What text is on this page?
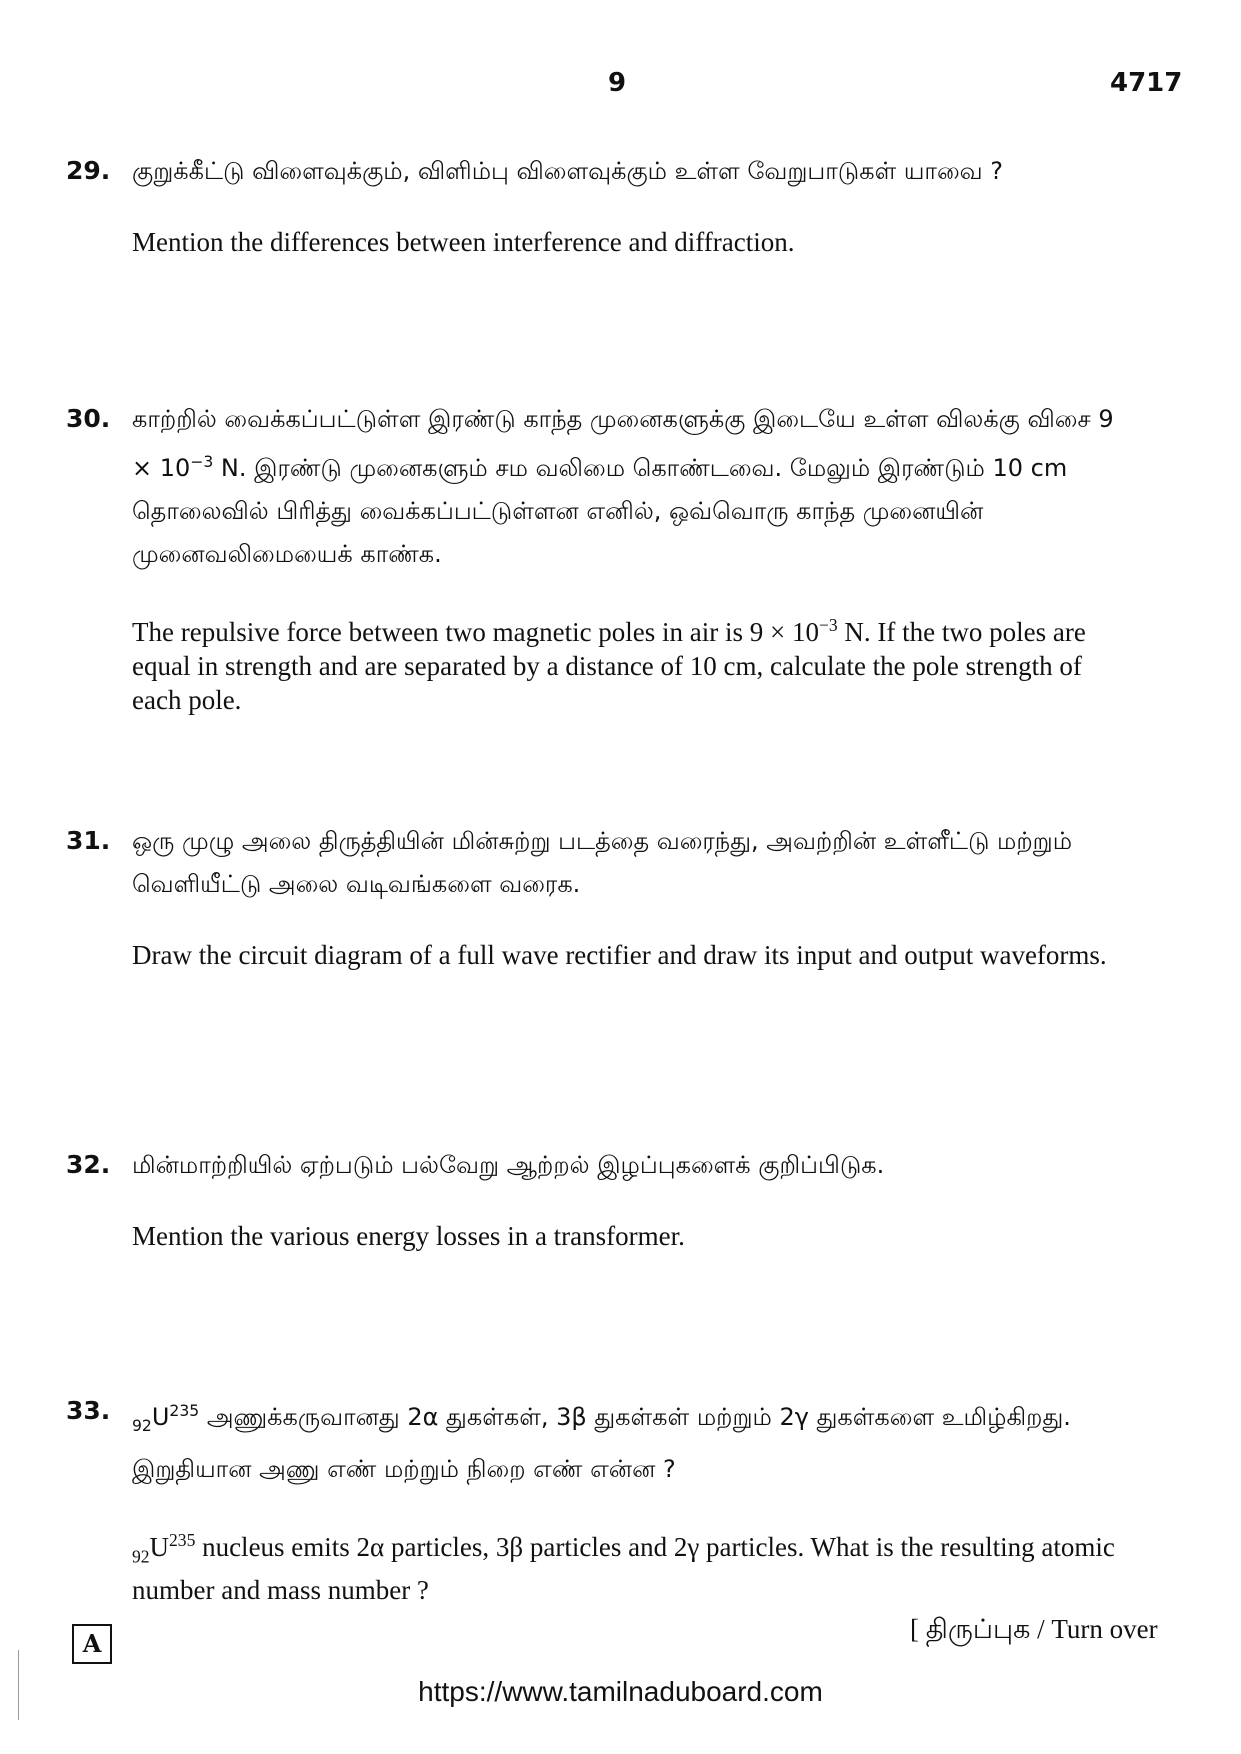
9	4717
29. குறுக்கீட்டு விளைவுக்கும், விளிம்பு விளைவுக்கும் உள்ள வேறுபாடுகள் யாவை ?
Mention the differences between interference and diffraction.
30. காற்றில் வைக்கப்பட்டுள்ள இரண்டு காந்த முனைகளுக்கு இடையே உள்ள விலக்கு விசை $9 \times 10^{-3}$ N. இரண்டு முனைகளும் சம வலிமை கொண்டவை. மேலும் இரண்டும் 10 cm தொலைவில் பிரித்து வைக்கப்பட்டுள்ளன எனில், ஒவ்வொரு காந்த முனையின் முனைவலிமையைக் காண்க.
The repulsive force between two magnetic poles in air is $9 \times 10^{-3}$ N. If the two poles are equal in strength and are separated by a distance of 10 cm, calculate the pole strength of each pole.
31. ஒரு முழு அலை திருத்தியின் மின்சுற்று படத்தை வரைந்து, அவற்றின் உள்ளீட்டு மற்றும் வெளியீட்டு அலை வடிவங்களை வரைக.
Draw the circuit diagram of a full wave rectifier and draw its input and output waveforms.
32. மின்மாற்றியில் ஏற்படும் பல்வேறு ஆற்றல் இழப்புகளைக் குறிப்பிடுக.
Mention the various energy losses in a transformer.
33.
$_{92}U^{235}$ அணுக்கருவானது 2α துகள்கள், 3β துகள்கள் மற்றும் 2γ துகள்களை உமிழ்கிறது. இறுதியான அணு எண் மற்றும் நிறை எண் என்ன ?
$_{92}U^{235}$ nucleus emits 2α particles, 3β particles and 2γ particles. What is the resulting atomic number and mass number ?
A	[ திருப்புக / Turn over
https://www.tamilnaduboard.com
